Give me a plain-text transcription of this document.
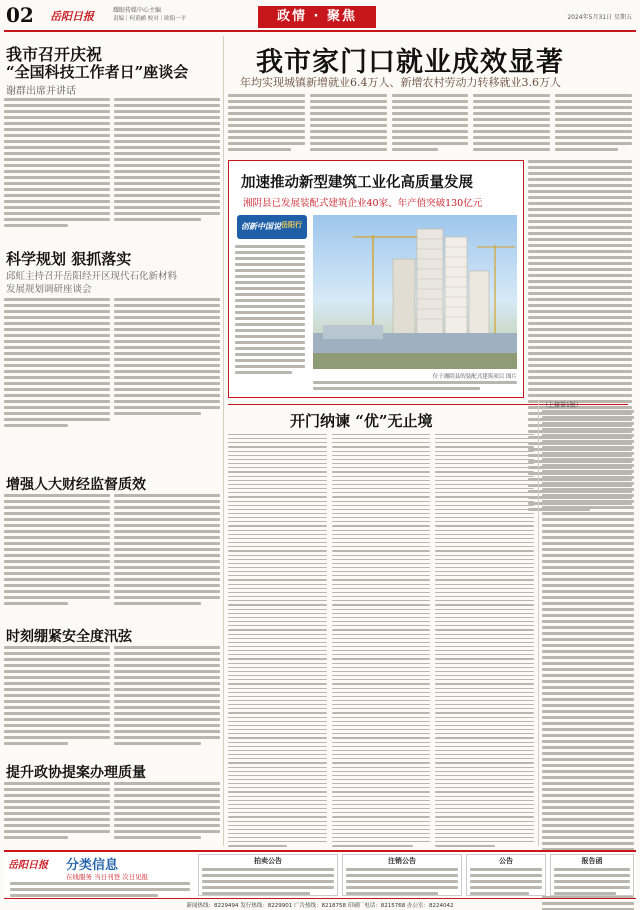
02 岳阳日报	耀眼传媒中心主编
责编｜何黄鹂 校对｜欧阳一平	政情 · 聚焦	2024年5月31日 星期五
我市召开庆祝
“全国科技工作者日”座谈会
谢群出席并讲话
科学规划 狠抓落实
邱虹主持召开岳阳经开区现代石化新材料
发展规划调研座谈会
增强人大财经监督质效
时刻绷紧安全度汛弦
提升政协提案办理质量
我市家门口就业成效显著
年均实现城镇新增就业6.4万人、新增农村劳动力转移就业3.6万人
加速推动新型建筑工业化高质量发展
湘阴县已发展装配式建筑企业40家、年产值突破130亿元
创新中国说 岳阳行
位于湘阴县的装配式建筑项目 图片
开门纳谏 “优”无止境
（上接第1版）
岳阳日报 分类信息
在线服务 当日刊登 次日见报
拍卖公告	注销公告	公告	报告函
新闻热线：8229494 发行热线：8229901 广告热线：8218758 印刷厂电话：8215768 办公室：8224042
